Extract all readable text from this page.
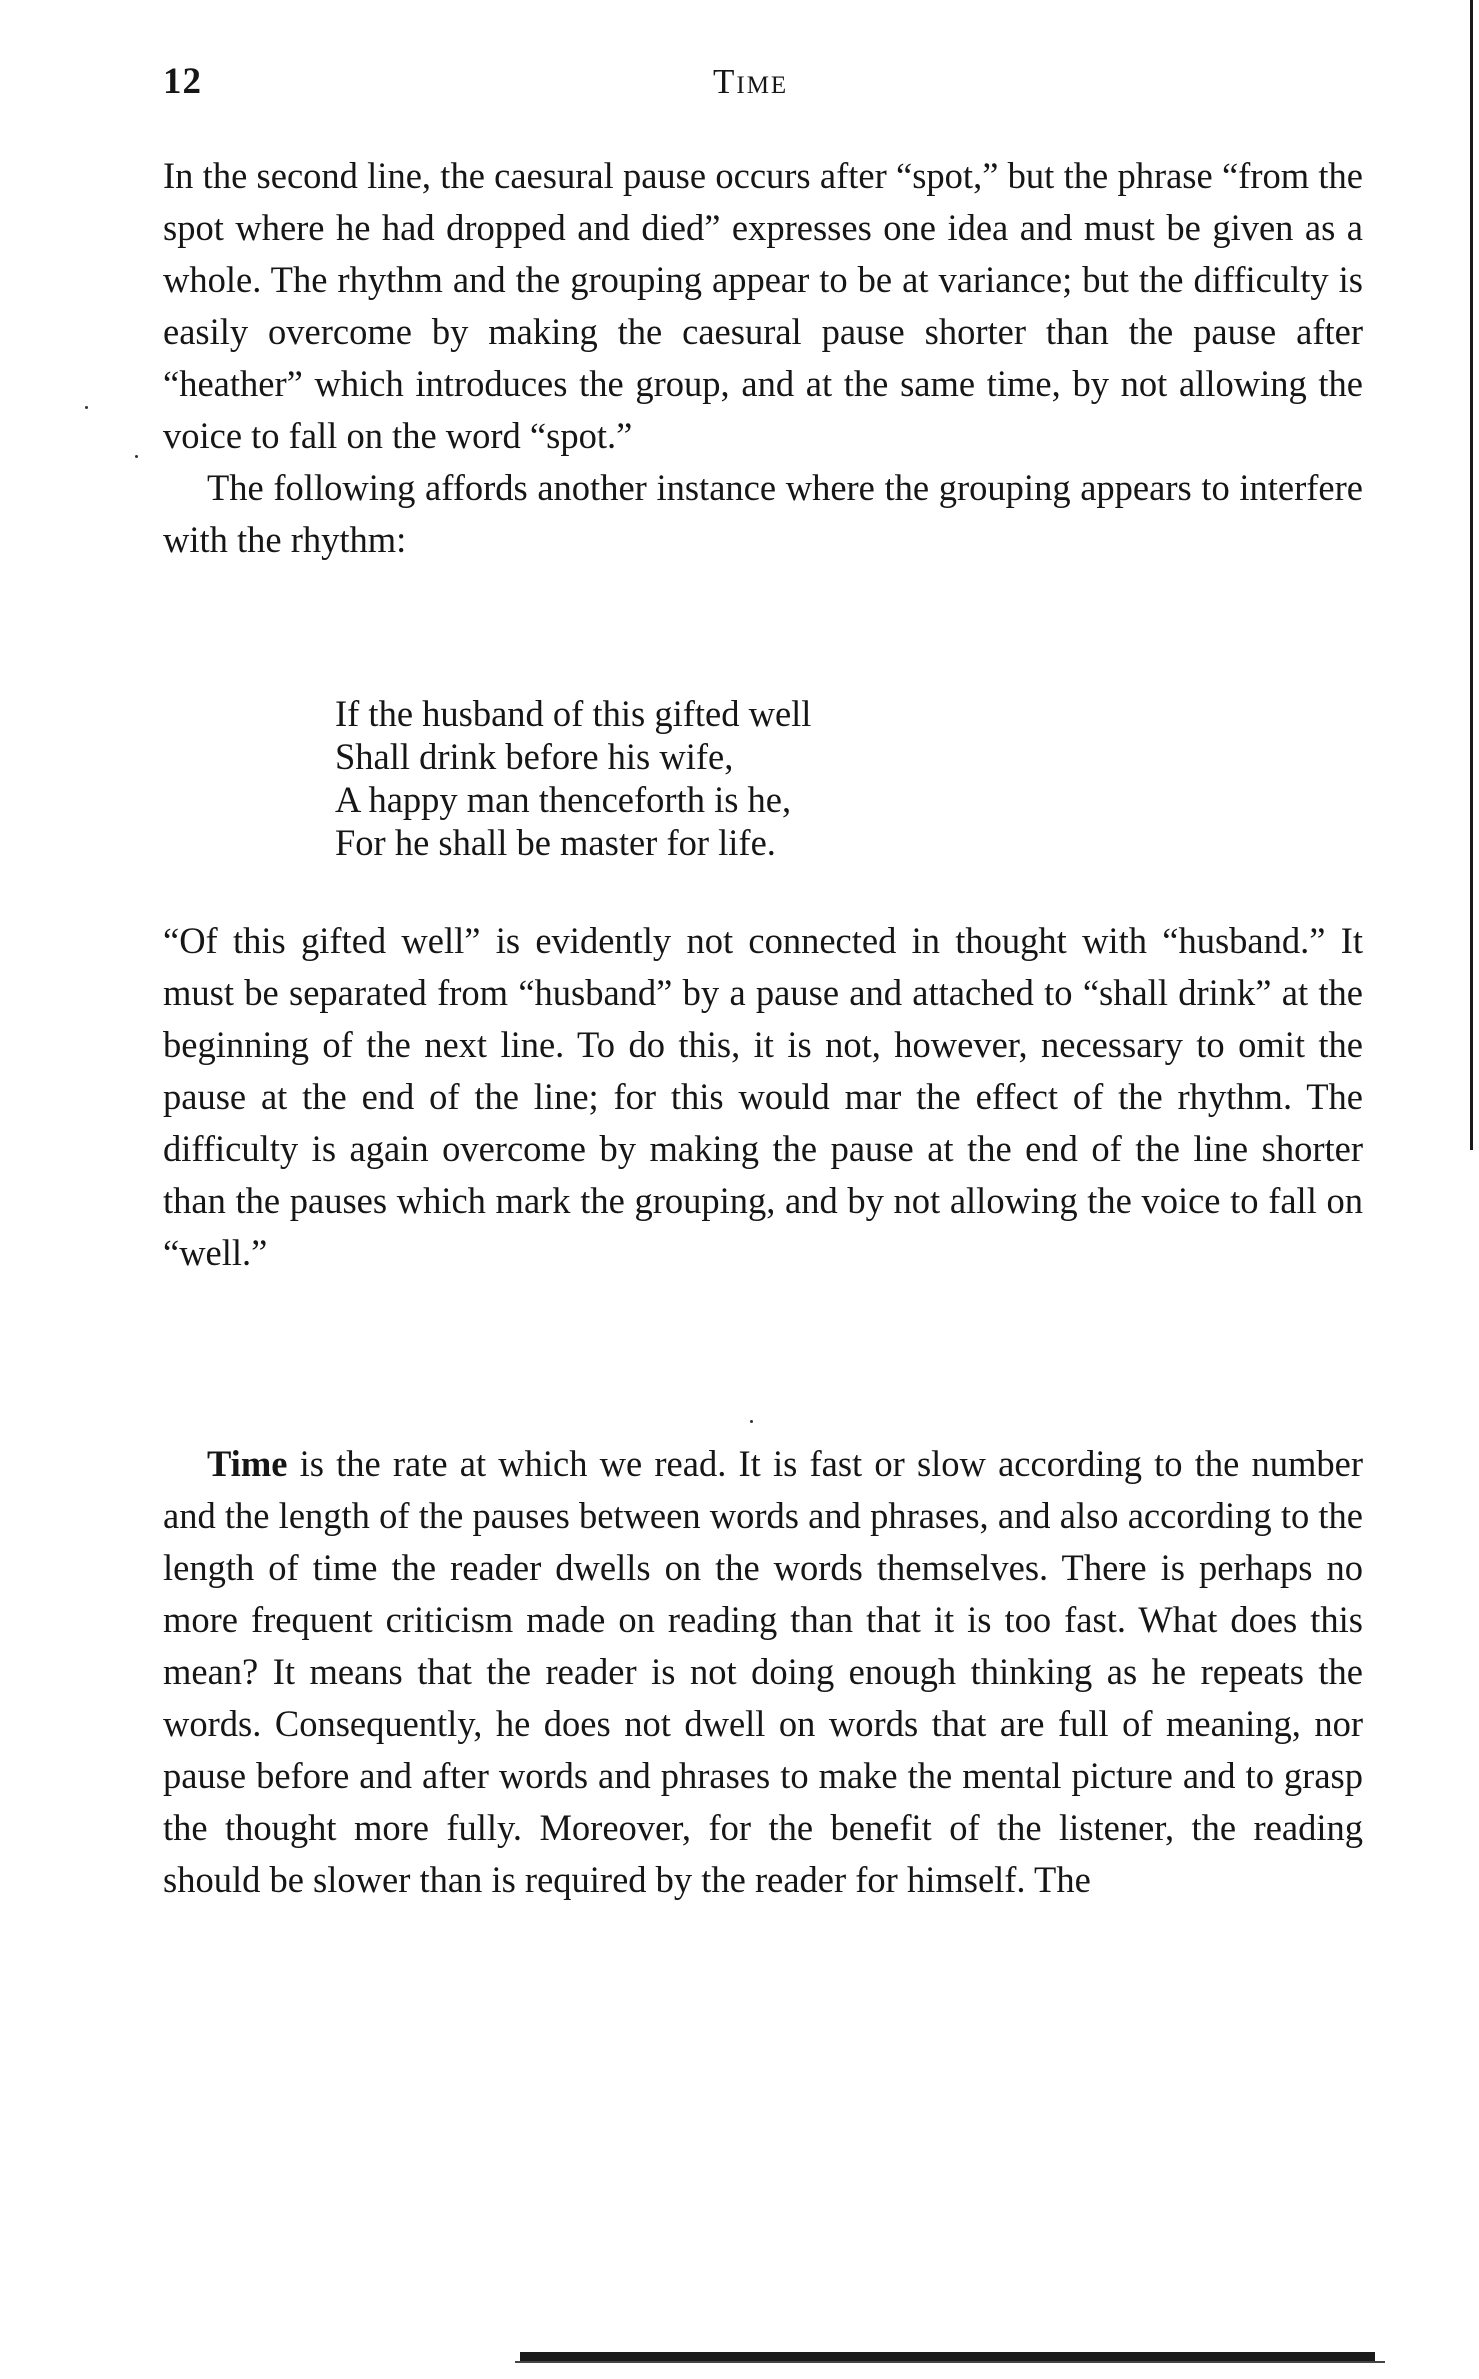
12	Time

In the second line, the caesural pause occurs after “spot,” but the phrase “from the spot where he had dropped and died” expresses one idea and must be given as a whole. The rhythm and the grouping appear to be at variance; but the difficulty is easily overcome by making the caesural pause shorter than the pause after “heather” which introduces the group, and at the same time, by not allowing the voice to fall on the word “spot.”

The following affords another instance where the grouping appears to interfere with the rhythm:

If the husband of this gifted well
Shall drink before his wife,
A happy man thenceforth is he,
For he shall be master for life.

“Of this gifted well” is evidently not connected in thought with “husband.” It must be separated from “husband” by a pause and attached to “shall drink” at the beginning of the next line. To do this, it is not, however, necessary to omit the pause at the end of the line; for this would mar the effect of the rhythm. The difficulty is again overcome by making the pause at the end of the line shorter than the pauses which mark the grouping, and by not allowing the voice to fall on “well.”

Time is the rate at which we read. It is fast or slow according to the number and the length of the pauses between words and phrases, and also according to the length of time the reader dwells on the words themselves. There is perhaps no more frequent criticism made on reading than that it is too fast. What does this mean? It means that the reader is not doing enough thinking as he repeats the words. Consequently, he does not dwell on words that are full of meaning, nor pause before and after words and phrases to make the mental picture and to grasp the thought more fully. Moreover, for the benefit of the listener, the reading should be slower than is required by the reader for himself. The
